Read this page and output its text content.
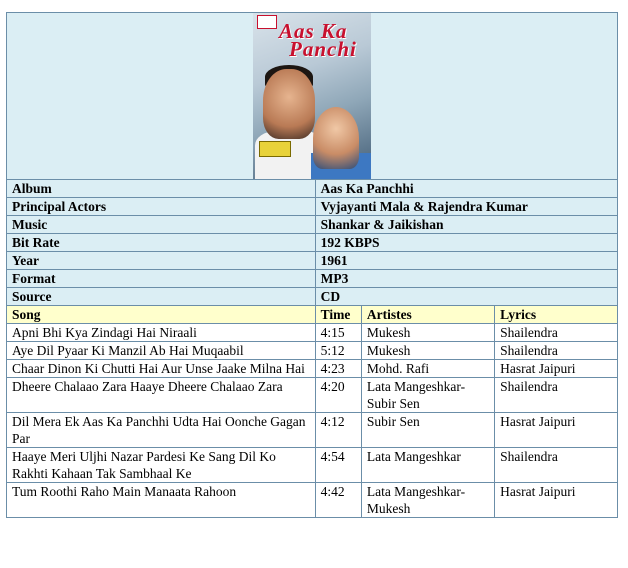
Aas Ka
Panchi			

Album	Aas Ka Panchhi		
Principal Actors	Vyjayanti Mala & Rajendra Kumar		
Music	Shankar & Jaikishan		
Bit Rate	192 KBPS		
Year	1961		
Format	MP3		
Source	CD		
Song	Time	Artistes	Lyrics
Apni Bhi Kya Zindagi Hai Niraali	4:15	Mukesh	Shailendra
Aye Dil Pyaar Ki Manzil Ab Hai Muqaabil	5:12	Mukesh	Shailendra
Chaar Dinon Ki Chutti Hai Aur Unse Jaake Milna Hai	4:23	Mohd. Rafi	Hasrat Jaipuri
Dheere Chalaao Zara Haaye Dheere Chalaao Zara	4:20	Lata Mangeshkar-Subir Sen	Shailendra
Dil Mera Ek Aas Ka Panchhi Udta Hai Oonche Gagan Par	4:12	Subir Sen	Hasrat Jaipuri
Haaye Meri Uljhi Nazar Pardesi Ke Sang Dil Ko Rakhti Kahaan Tak Sambhaal Ke	4:54	Lata Mangeshkar	Shailendra
Tum Roothi Raho Main Manaata Rahoon	4:42	Lata Mangeshkar-Mukesh	Hasrat Jaipuri
